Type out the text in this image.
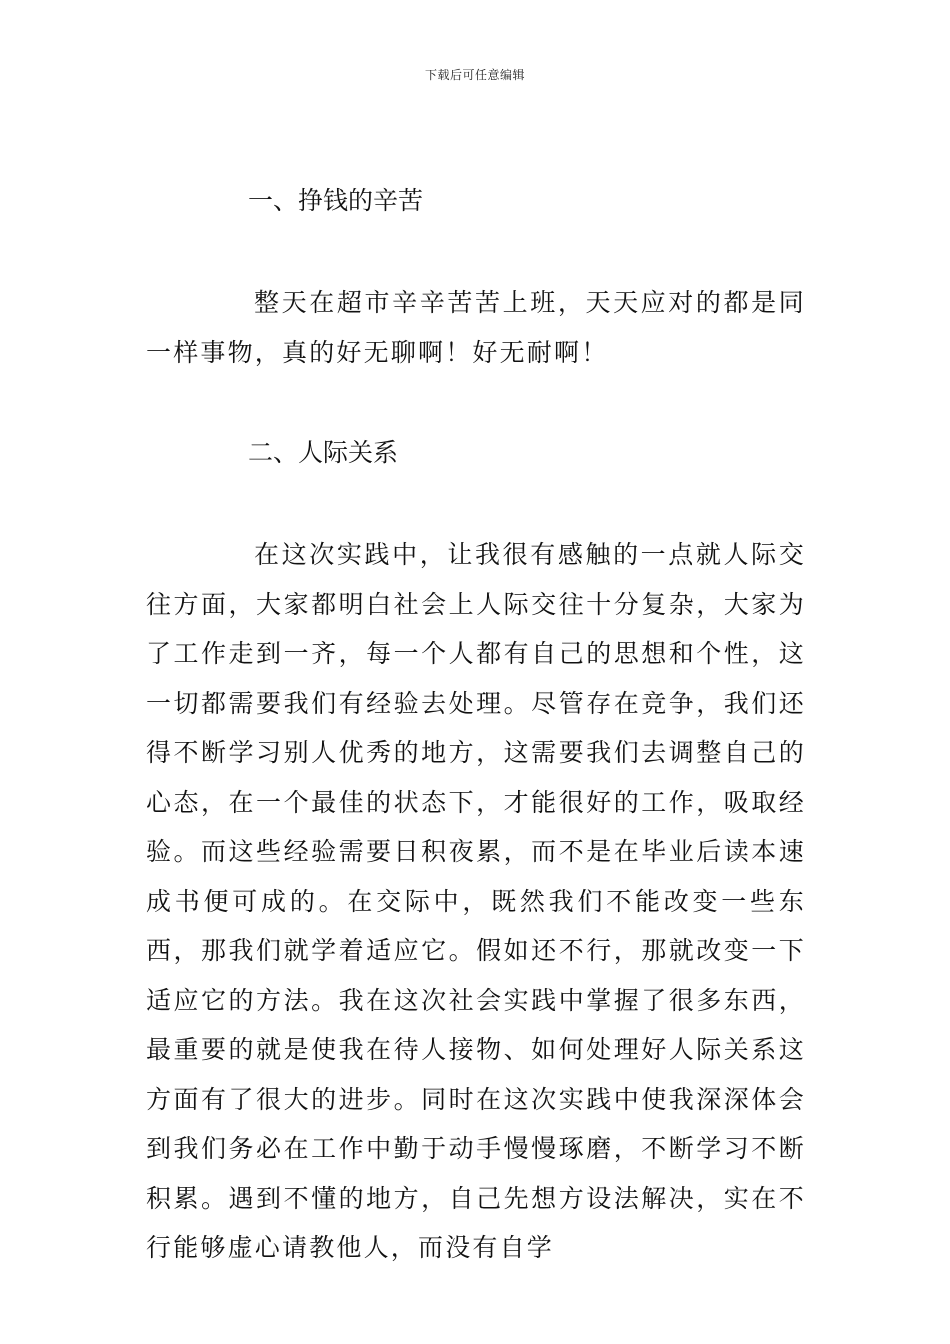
下载后可任意编辑
一、挣钱的辛苦

整天在超市辛辛苦苦上班，天天应对的都是同一样事物，真的好无聊啊！好无耐啊！

二、人际关系

在这次实践中，让我很有感触的一点就人际交往方面，大家都明白社会上人际交往十分复杂，大家为了工作走到一齐，每一个人都有自己的思想和个性，这一切都需要我们有经验去处理。尽管存在竞争，我们还得不断学习别人优秀的地方，这需要我们去调整自己的心态，在一个最佳的状态下，才能很好的工作，吸取经验。而这些经验需要日积夜累，而不是在毕业后读本速成书便可成的。在交际中，既然我们不能改变一些东西，那我们就学着适应它。假如还不行，那就改变一下适应它的方法。我在这次社会实践中掌握了很多东西，最重要的就是使我在待人接物、如何处理好人际关系这方面有了很大的进步。同时在这次实践中使我深深体会到我们务必在工作中勤于动手慢慢琢磨，不断学习不断积累。遇到不懂的地方，自己先想方设法解决，实在不行能够虚心请教他人，而没有自学
